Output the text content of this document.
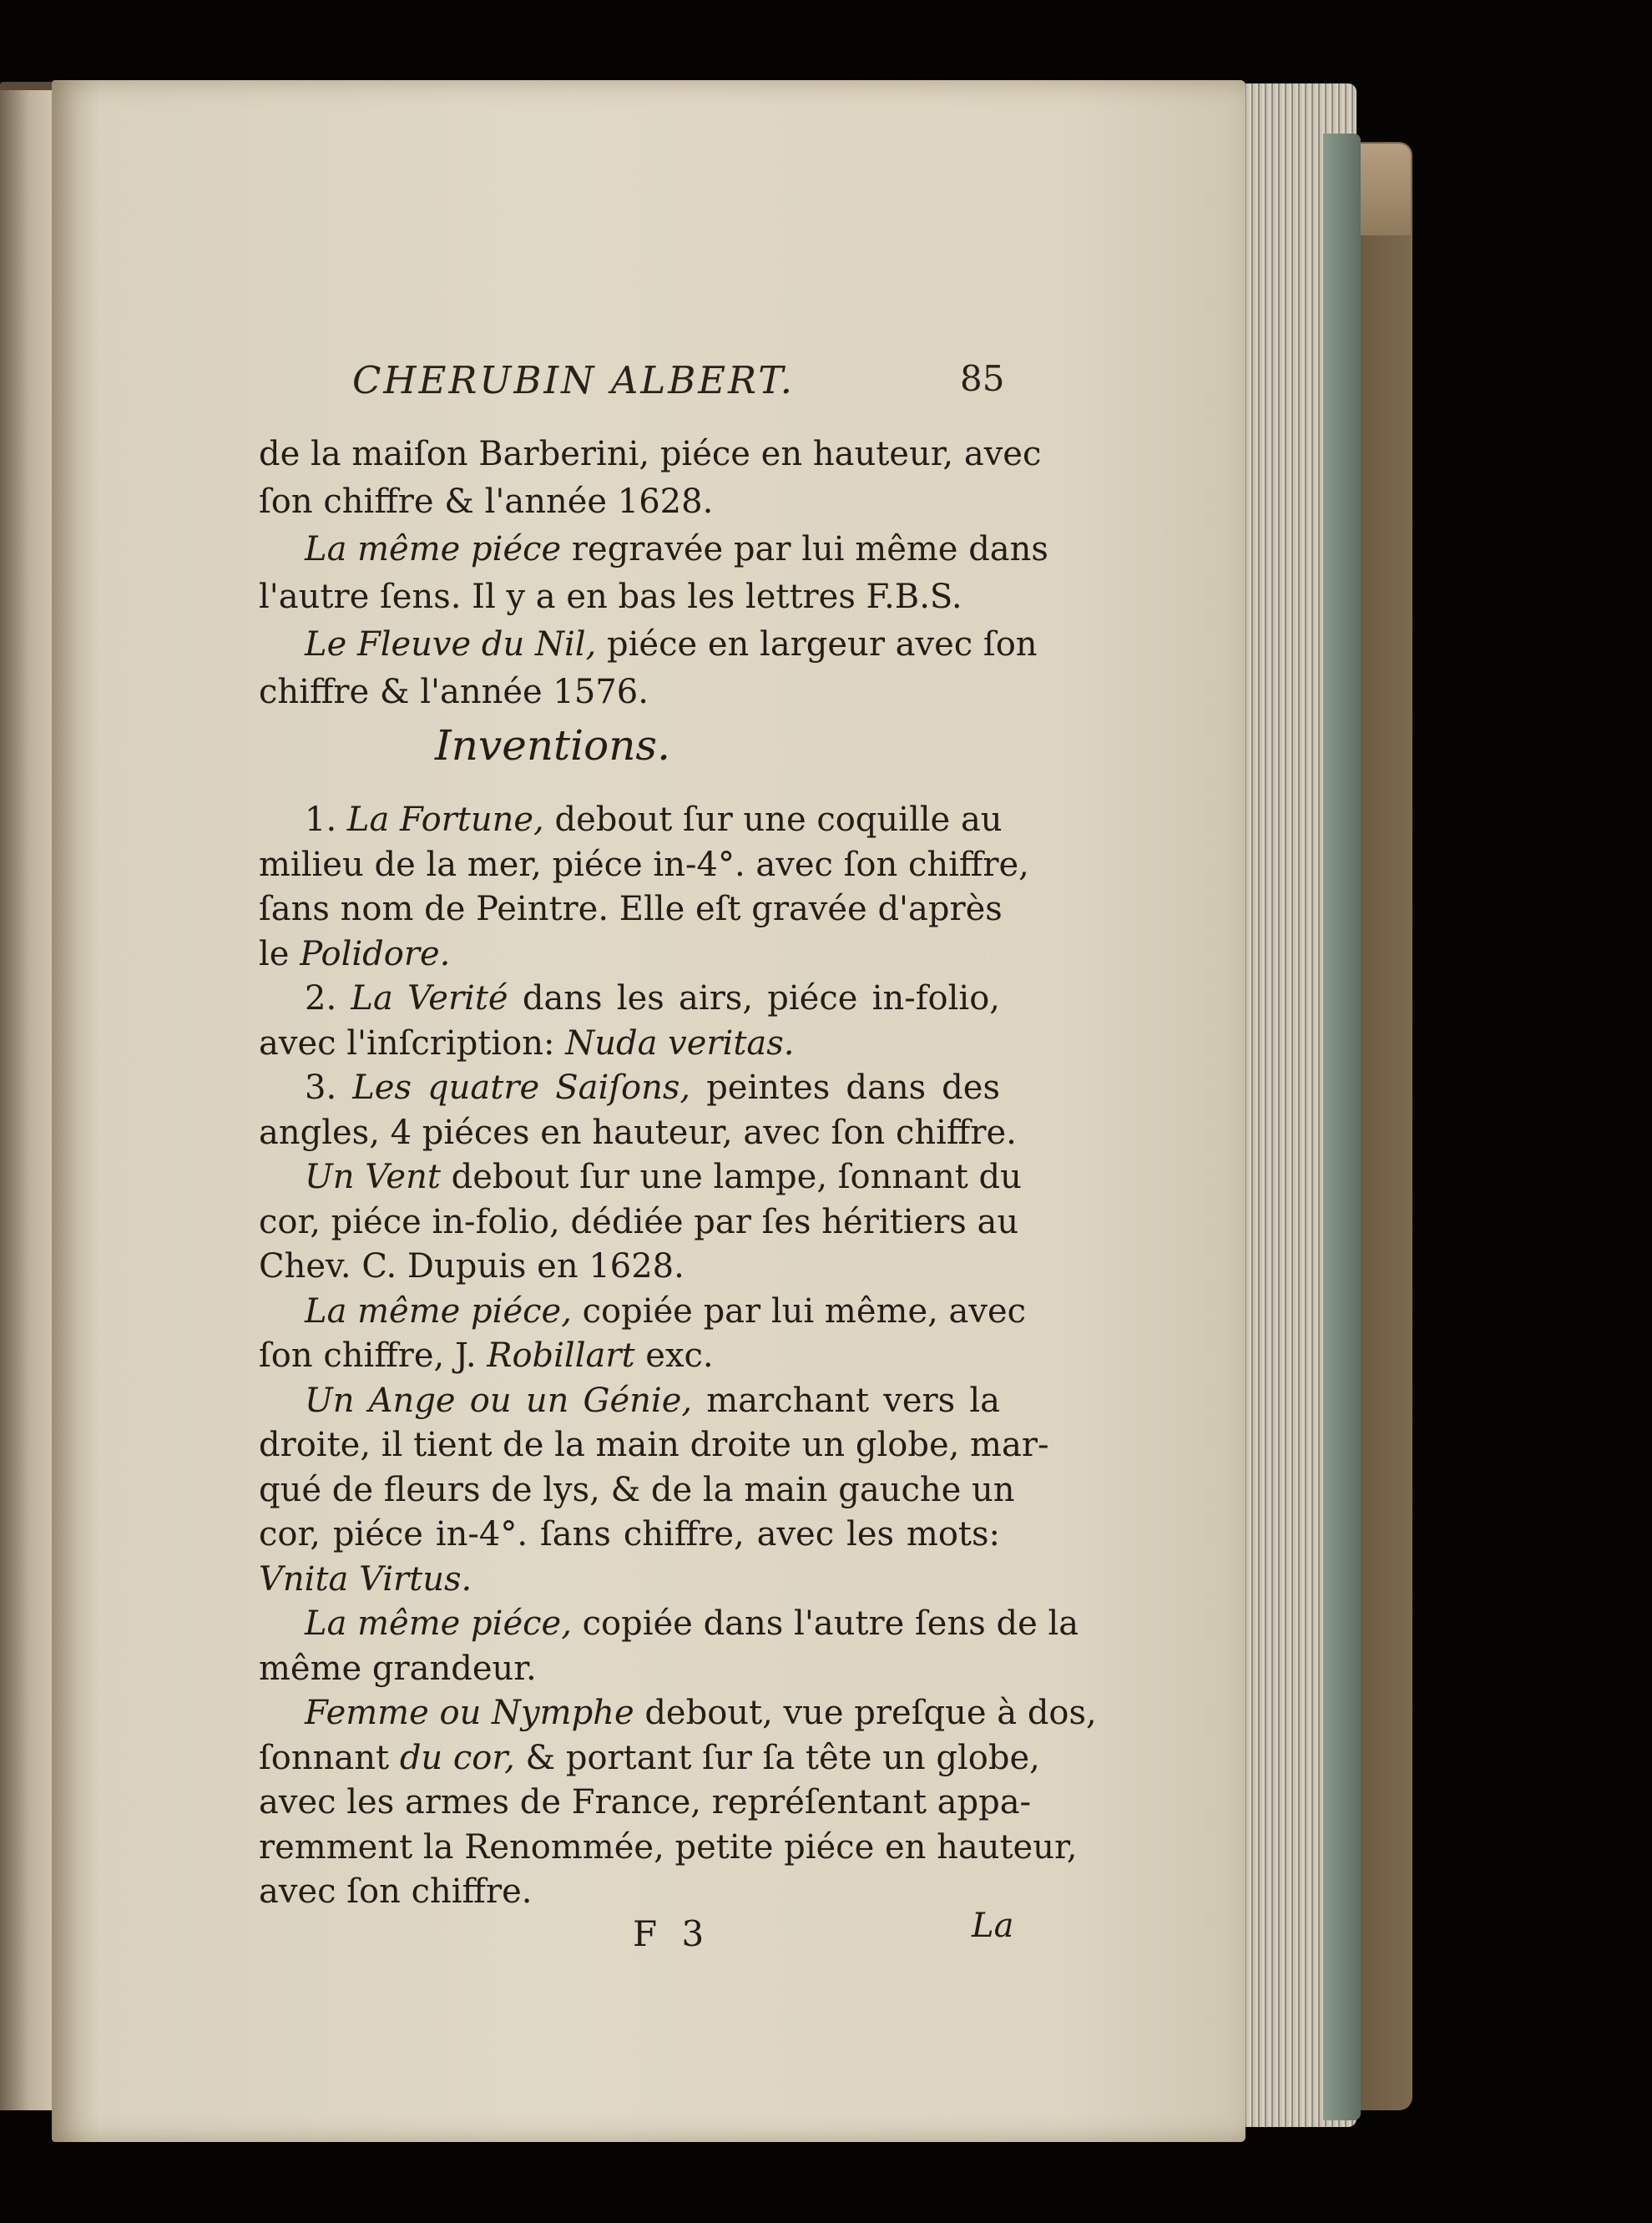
CHERUBIN ALBERT.	85
de la maiſon Barberini, piéce en hauteur, avec
ſon chiffre & l'année 1628.
La même piéce regravée par lui même dans
l'autre ſens. Il y a en bas les lettres F.B.S.
Le Fleuve du Nil, piéce en largeur avec ſon
chiffre & l'année 1576.
Inventions.
1. La Fortune, debout ſur une coquille au
milieu de la mer, piéce in-4°. avec ſon chiffre,
ſans nom de Peintre. Elle eſt gravée d'après
le Polidore.
2. La Verité dans les airs, piéce in-folio,
avec l'inſcription: Nuda veritas.
3. Les quatre Saiſons, peintes dans des
angles, 4 piéces en hauteur, avec ſon chiffre.
Un Vent debout ſur une lampe, ſonnant du
cor, piéce in-folio, dédiée par ſes héritiers au
Chev. C. Dupuis en 1628.
La même piéce, copiée par lui même, avec
ſon chiffre, J. Robillart exc.
Un Ange ou un Génie, marchant vers la
droite, il tient de la main droite un globe, mar-
qué de fleurs de lys, & de la main gauche un
cor, piéce in-4°. ſans chiffre, avec les mots:
Vnita Virtus.
La même piéce, copiée dans l'autre ſens de la
même grandeur.
Femme ou Nymphe debout, vue preſque à dos,
ſonnant du cor, & portant ſur ſa tête un globe,
avec les armes de France, repréſentant appa-
remment la Renommée, petite piéce en hauteur,
avec ſon chiffre.
F 3	La
